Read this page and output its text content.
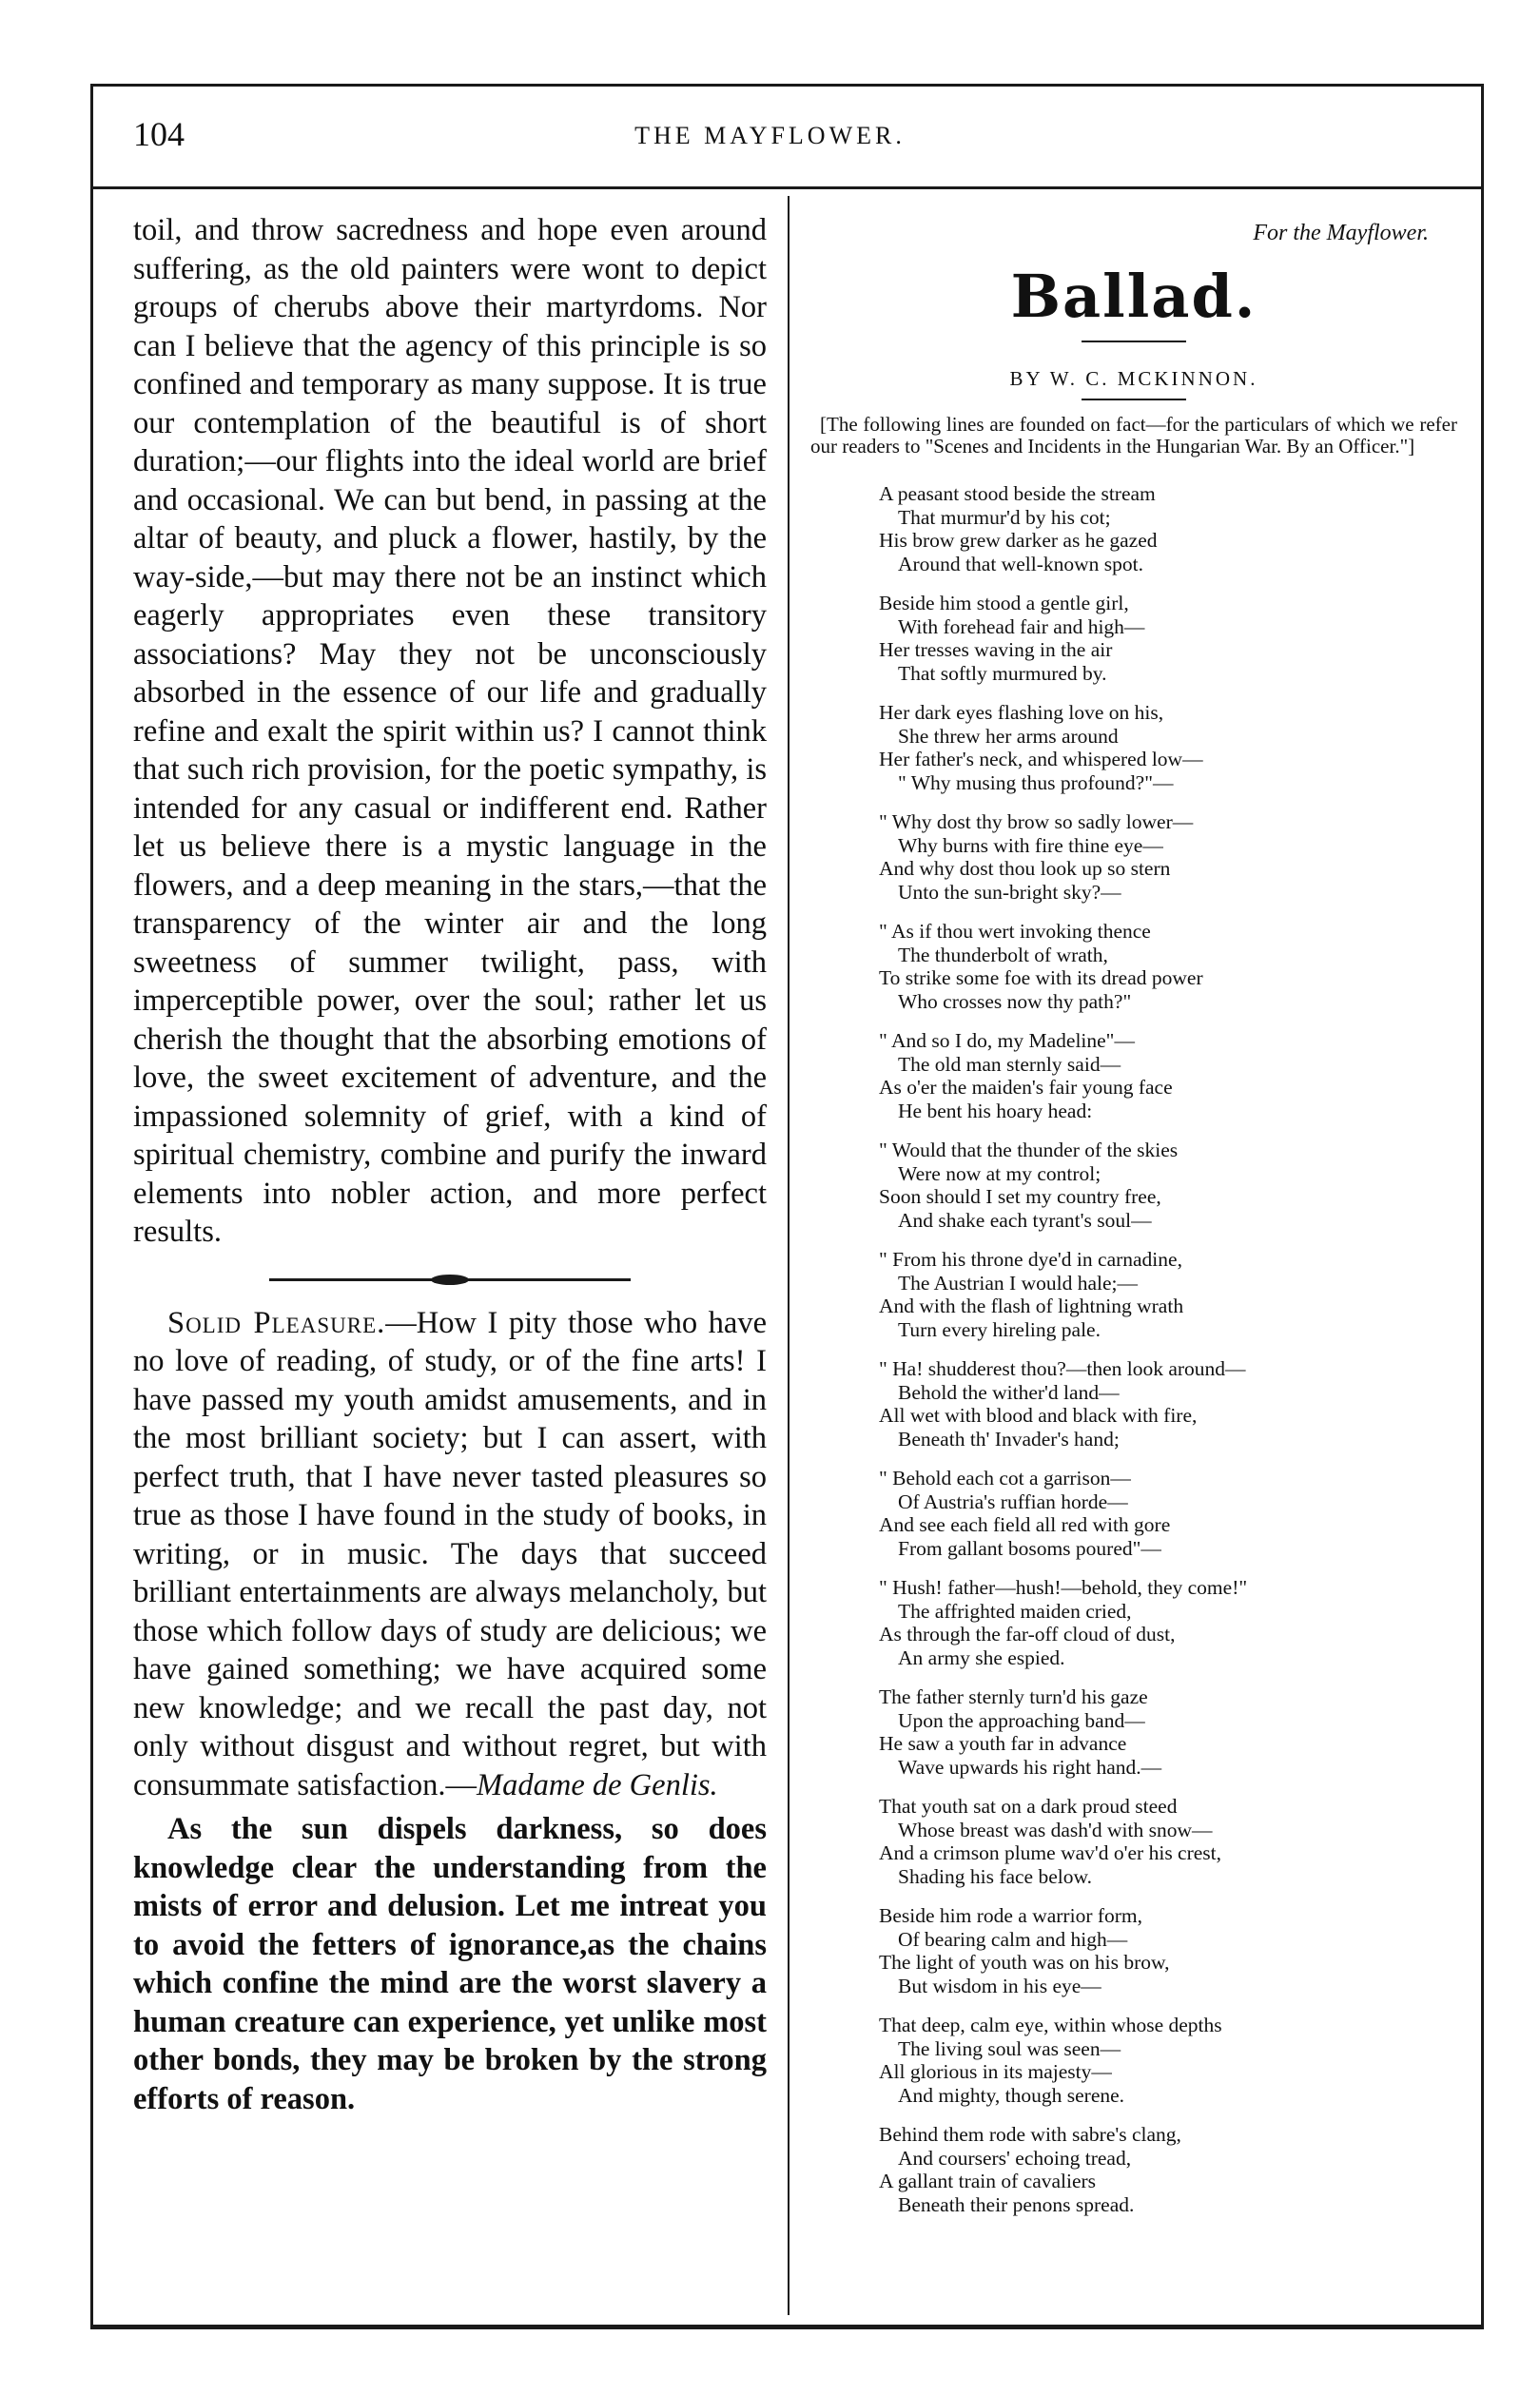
104	THE MAYFLOWER.

toil, and throw sacredness and hope even around suffering, as the old painters were wont to depict groups of cherubs above their martyrdoms. Nor can I believe that the agency of this principle is so confined and temporary as many suppose. It is true our contemplation of the beautiful is of short duration;—our flights into the ideal world are brief and occasional. We can but bend, in passing at the altar of beauty, and pluck a flower, hastily, by the way-side,—but may there not be an instinct which eagerly appropriates even these transitory associations? May they not be unconsciously absorbed in the essence of our life and gradually refine and exalt the spirit within us? I cannot think that such rich provision, for the poetic sympathy, is intended for any casual or indifferent end. Rather let us believe there is a mystic language in the flowers, and a deep meaning in the stars,—that the transparency of the winter air and the long sweetness of summer twilight, pass, with imperceptible power, over the soul; rather let us cherish the thought that the absorbing emotions of love, the sweet excitement of adventure, and the impassioned solemnity of grief, with a kind of spiritual chemistry, combine and purify the inward elements into nobler action, and more perfect results.

Solid Pleasure.—How I pity those who have no love of reading, of study, or of the fine arts! I have passed my youth amidst amusements, and in the most brilliant society; but I can assert, with perfect truth, that I have never tasted pleasures so true as those I have found in the study of books, in writing, or in music. The days that succeed brilliant entertainments are always melancholy, but those which follow days of study are delicious; we have gained something; we have acquired some new knowledge; and we recall the past day, not only without disgust and without regret, but with consummate satisfaction.—Madame de Genlis.

As the sun dispels darkness, so does knowledge clear the understanding from the mists of error and delusion. Let me intreat you to avoid the fetters of ignorance,as the chains which confine the mind are the worst slavery a human creature can experience, yet unlike most other bonds, they may be broken by the strong efforts of reason.

For the Mayflower.
Ballad.
BY W. C. MCKINNON.
[The following lines are founded on fact—for the particulars of which we refer our readers to "Scenes and Incidents in the Hungarian War. By an Officer."]
A peasant stood beside the stream
That murmur'd by his cot;
His brow grew darker as he gazed
Around that well-known spot.
Beside him stood a gentle girl,
With forehead fair and high—
Her tresses waving in the air
That softly murmured by.
Her dark eyes flashing love on his,
She threw her arms around
Her father's neck, and whispered low—
" Why musing thus profound?"—
" Why dost thy brow so sadly lower—
Why burns with fire thine eye—
And why dost thou look up so stern
Unto the sun-bright sky?—
" As if thou wert invoking thence
The thunderbolt of wrath,
To strike some foe with its dread power
Who crosses now thy path?"
" And so I do, my Madeline"—
The old man sternly said—
As o'er the maiden's fair young face
He bent his hoary head:
" Would that the thunder of the skies
Were now at my control;
Soon should I set my country free,
And shake each tyrant's soul—
" From his throne dye'd in carnadine,
The Austrian I would hale;—
And with the flash of lightning wrath
Turn every hireling pale.
" Ha! shudderest thou?—then look around—
Behold the wither'd land—
All wet with blood and black with fire,
Beneath th' Invader's hand;
" Behold each cot a garrison—
Of Austria's ruffian horde—
And see each field all red with gore
From gallant bosoms poured"—
" Hush! father—hush!—behold, they come!"
The affrighted maiden cried,
As through the far-off cloud of dust,
An army she espied.
The father sternly turn'd his gaze
Upon the approaching band—
He saw a youth far in advance
Wave upwards his right hand.—
That youth sat on a dark proud steed
Whose breast was dash'd with snow—
And a crimson plume wav'd o'er his crest,
Shading his face below.
Beside him rode a warrior form,
Of bearing calm and high—
The light of youth was on his brow,
But wisdom in his eye—
That deep, calm eye, within whose depths
The living soul was seen—
All glorious in its majesty—
And mighty, though serene.
Behind them rode with sabre's clang,
And coursers' echoing tread,
A gallant train of cavaliers
Beneath their penons spread.
